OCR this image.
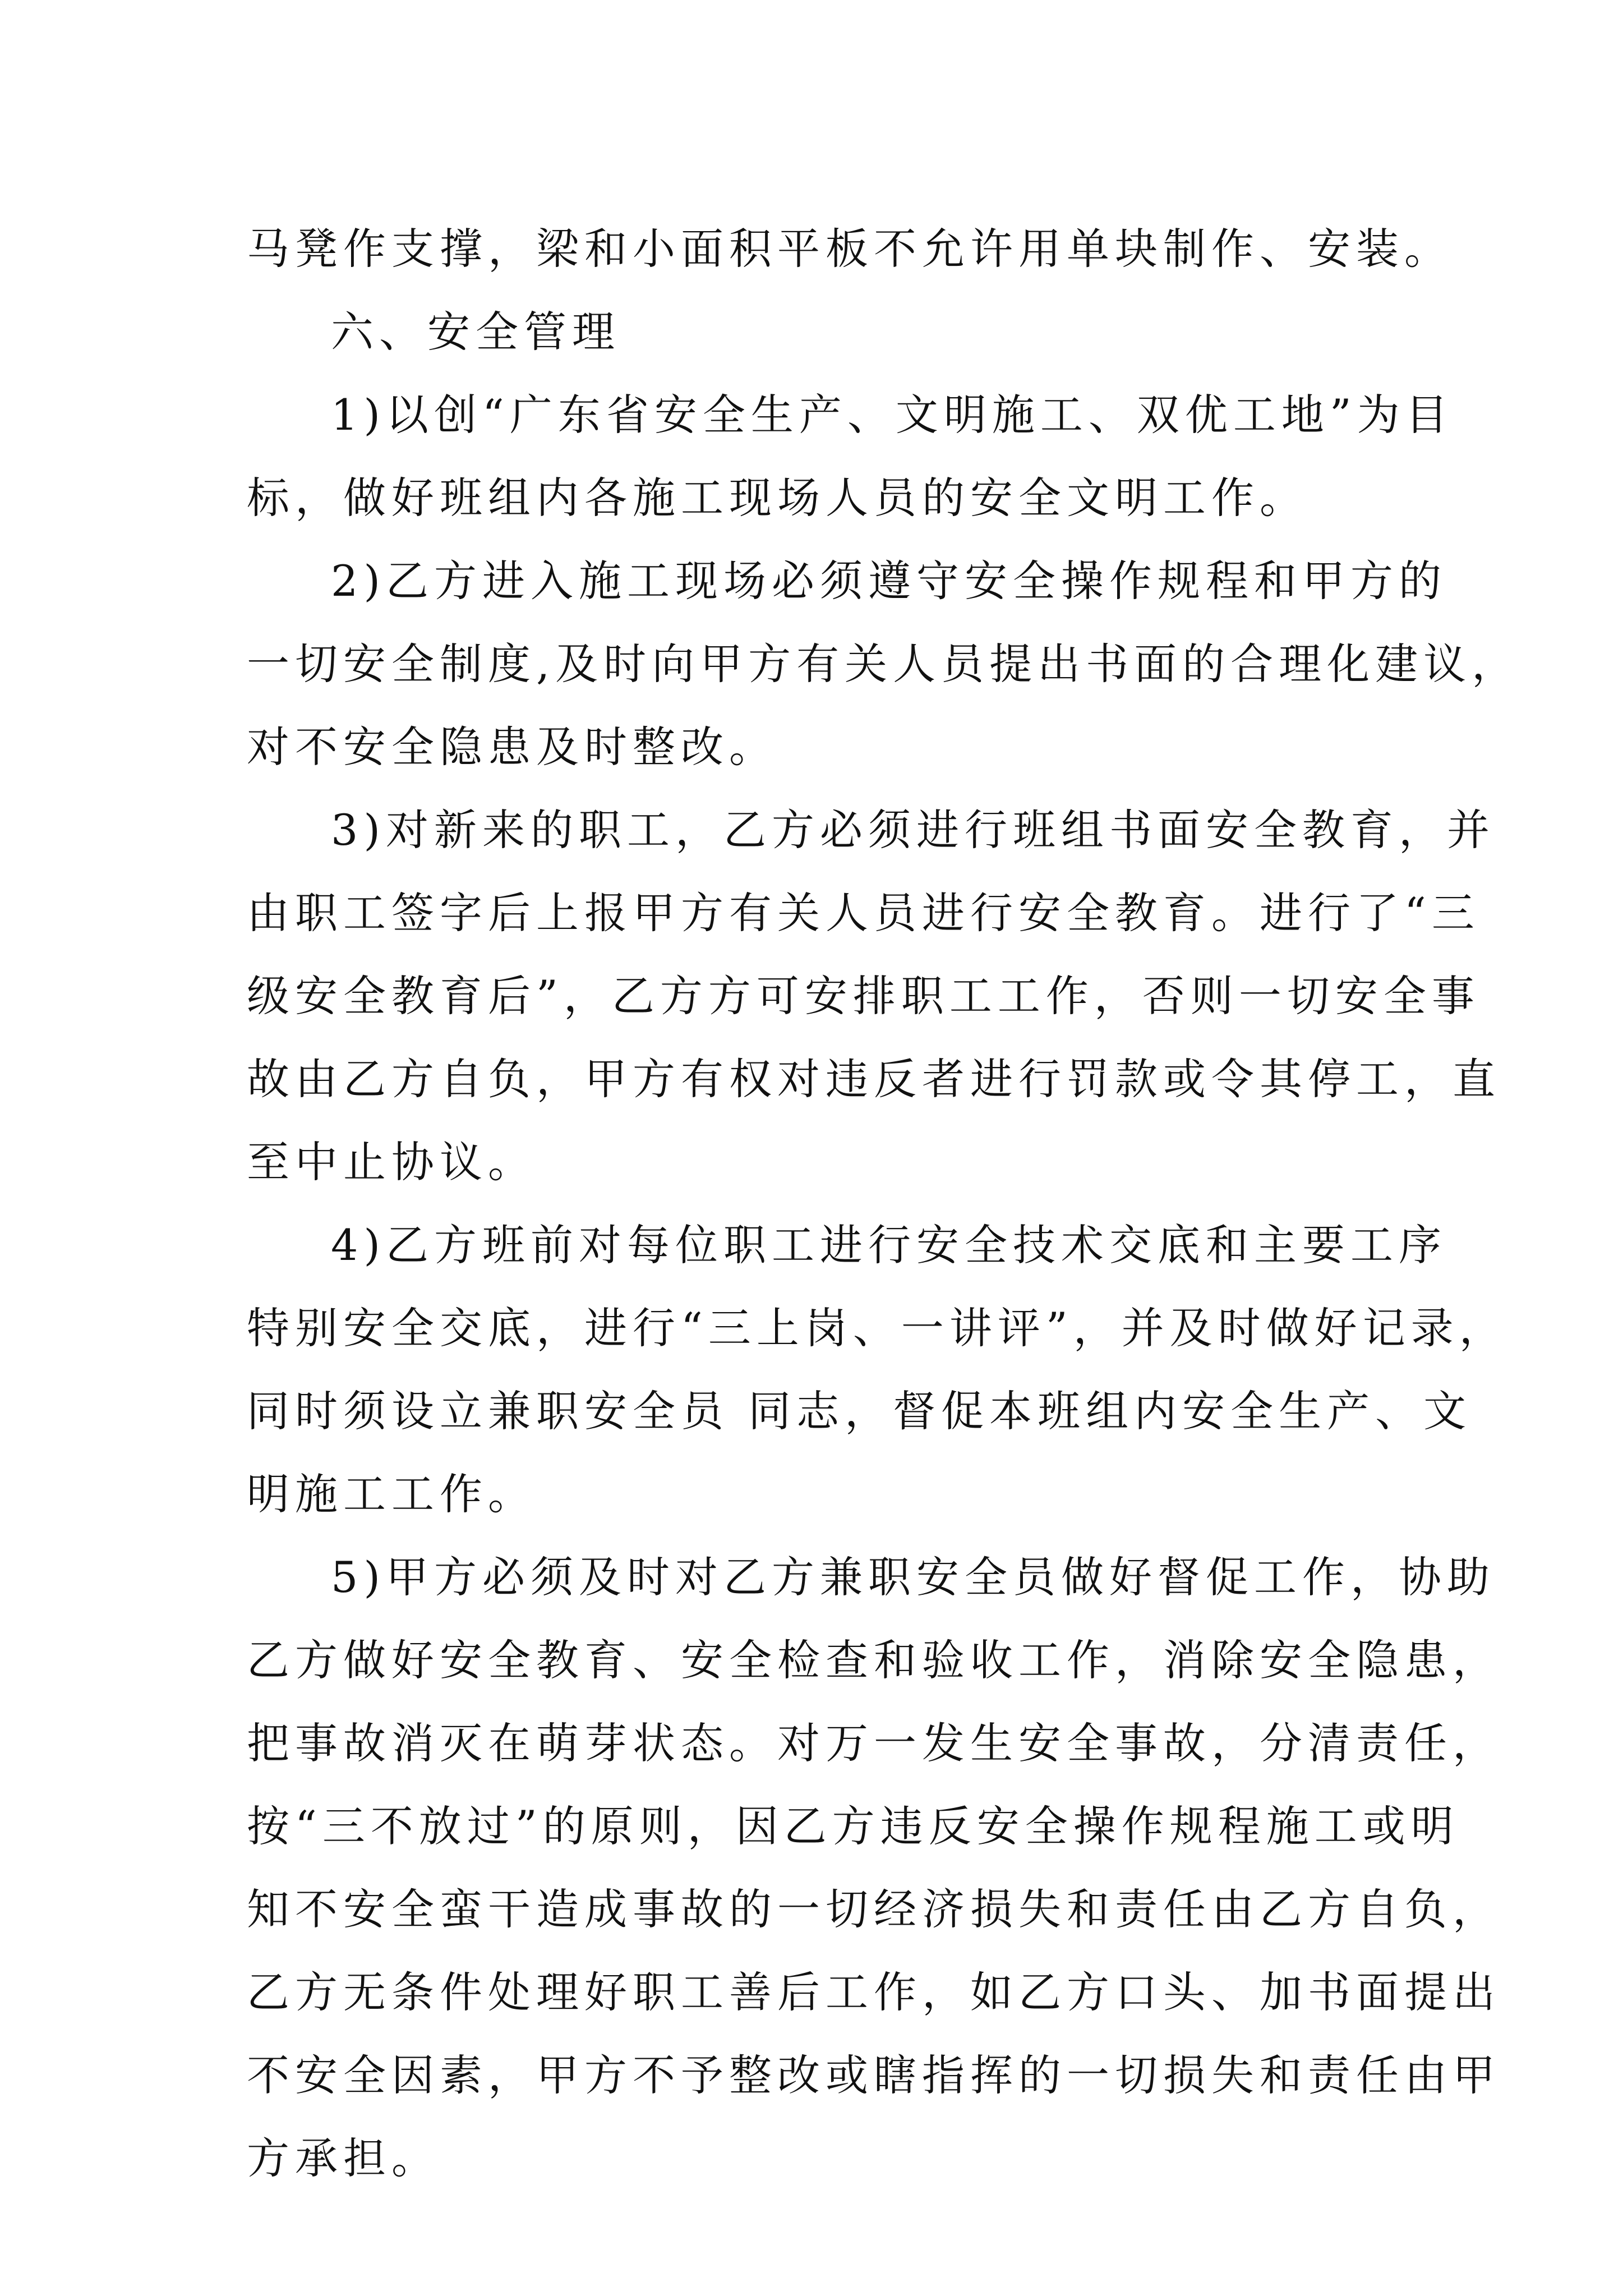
马凳作支撑，梁和小面积平板不允许用单块制作、安装。
六、安全管理
1)以创“广东省安全生产、文明施工、双优工地”为目
标，做好班组内各施工现场人员的安全文明工作。
2)乙方进入施工现场必须遵守安全操作规程和甲方的
一切安全制度,及时向甲方有关人员提出书面的合理化建议，
对不安全隐患及时整改。
3)对新来的职工，乙方必须进行班组书面安全教育，并
由职工签字后上报甲方有关人员进行安全教育。进行了“三
级安全教育后”，乙方方可安排职工工作，否则一切安全事
故由乙方自负，甲方有权对违反者进行罚款或令其停工，直
至中止协议。
4)乙方班前对每位职工进行安全技术交底和主要工序
特别安全交底，进行“三上岗、一讲评”，并及时做好记录，
同时须设立兼职安全员 同志，督促本班组内安全生产、文
明施工工作。
5)甲方必须及时对乙方兼职安全员做好督促工作，协助
乙方做好安全教育、安全检查和验收工作，消除安全隐患，
把事故消灭在萌芽状态。对万一发生安全事故，分清责任，
按“三不放过”的原则，因乙方违反安全操作规程施工或明
知不安全蛮干造成事故的一切经济损失和责任由乙方自负，
乙方无条件处理好职工善后工作，如乙方口头、加书面提出
不安全因素，甲方不予整改或瞎指挥的一切损失和责任由甲
方承担。
